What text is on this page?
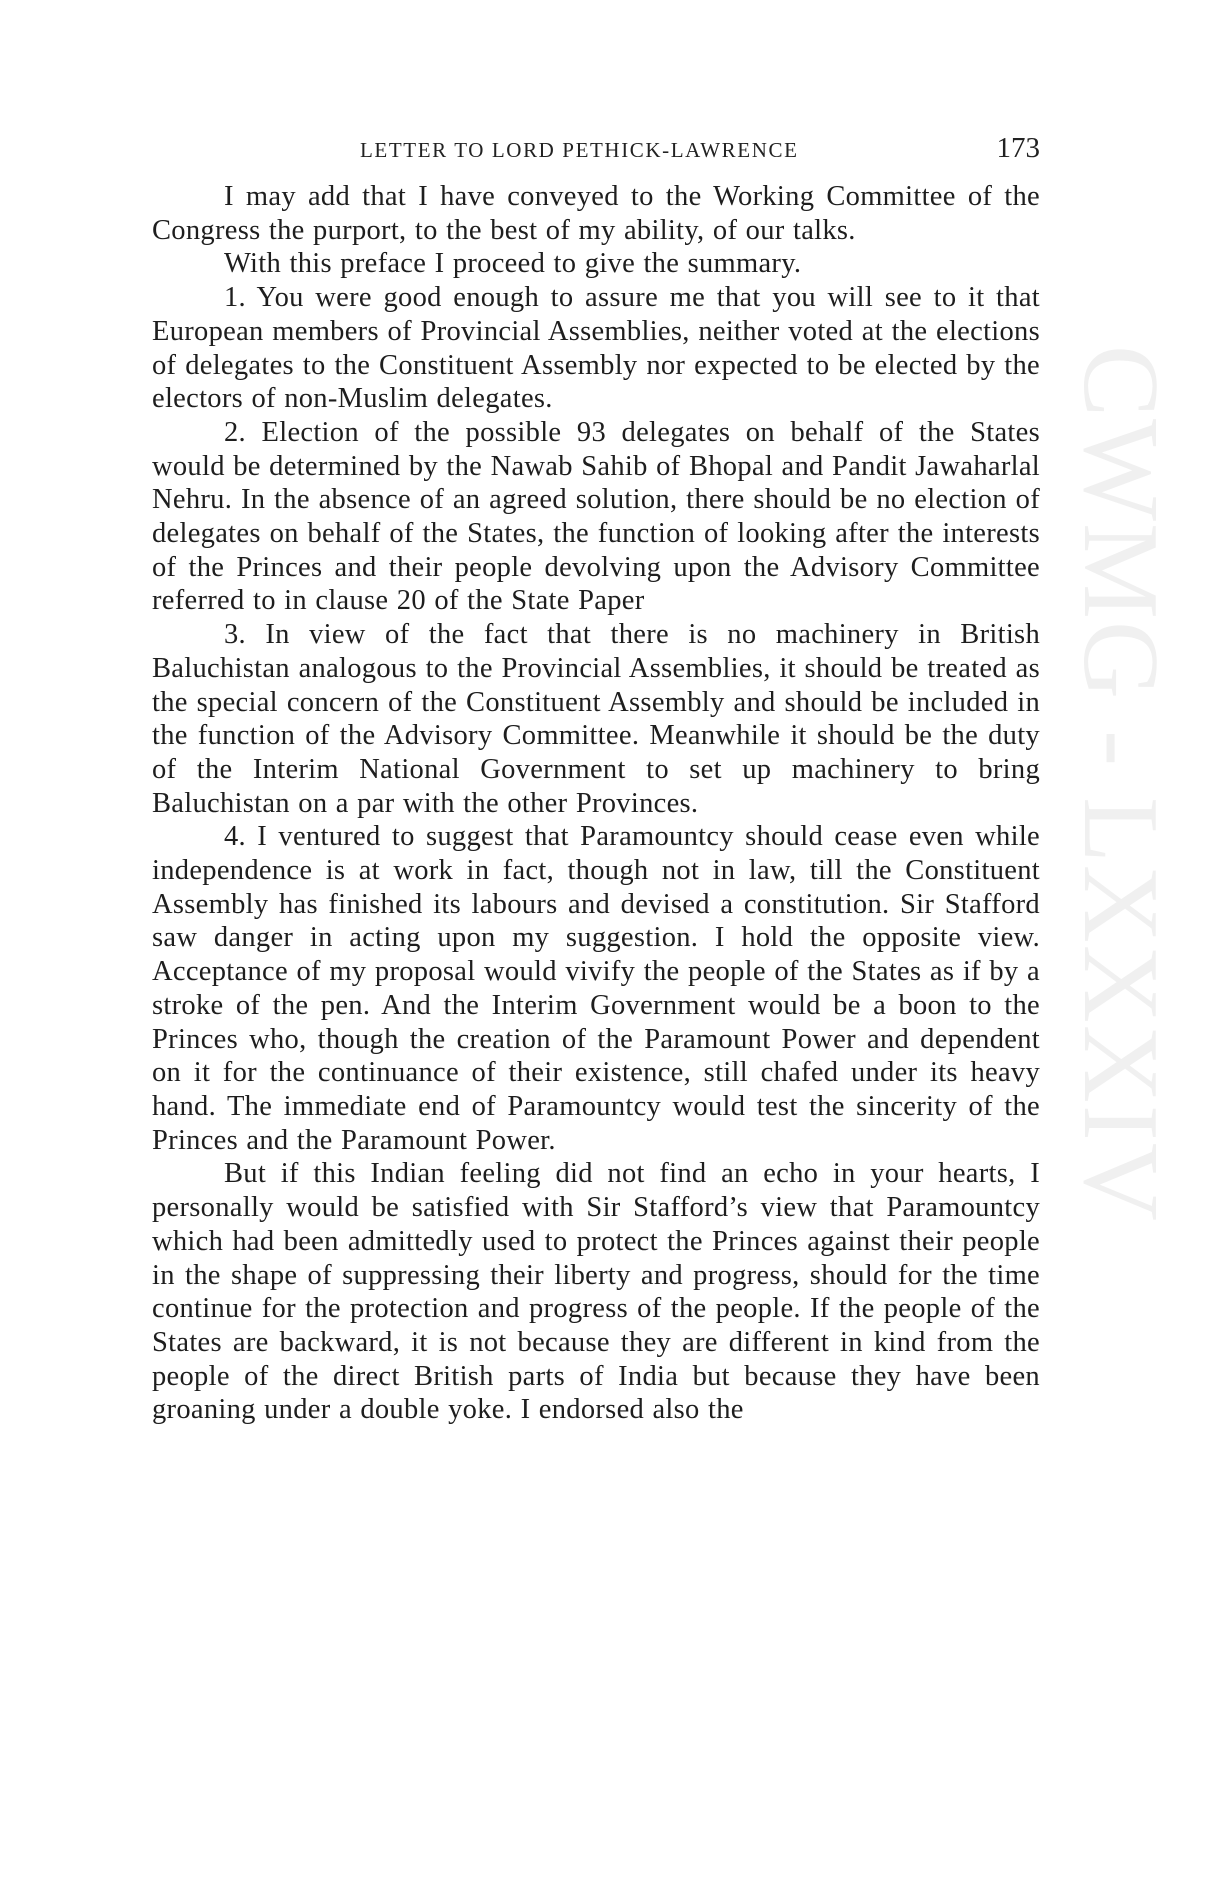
CWMG - LXXXIV
LETTER TO LORD PETHICK-LAWRENCE	173

I may add that I have conveyed to the Working Committee of the Congress the purport, to the best of my ability, of our talks.

With this preface I proceed to give the summary.

1. You were good enough to assure me that you will see to it that European members of Provincial Assemblies, neither voted at the elections of delegates to the Constituent Assembly nor expected to be elected by the electors of non-Muslim delegates.

2. Election of the possible 93 delegates on behalf of the States would be determined by the Nawab Sahib of Bhopal and Pandit Jawaharlal Nehru. In the absence of an agreed solution, there should be no election of delegates on behalf of the States, the function of looking after the interests of the Princes and their people devolving upon the Advisory Committee referred to in clause 20 of the State Paper

3. In view of the fact that there is no machinery in British Baluchistan analogous to the Provincial Assemblies, it should be treated as the special concern of the Constituent Assembly and should be included in the function of the Advisory Committee. Meanwhile it should be the duty of the Interim National Government to set up machinery to bring Baluchistan on a par with the other Provinces.

4. I ventured to suggest that Paramountcy should cease even while independence is at work in fact, though not in law, till the Constituent Assembly has finished its labours and devised a constitution. Sir Stafford saw danger in acting upon my suggestion. I hold the opposite view. Acceptance of my proposal would vivify the people of the States as if by a stroke of the pen. And the Interim Government would be a boon to the Princes who, though the creation of the Paramount Power and dependent on it for the continuance of their existence, still chafed under its heavy hand. The immediate end of Paramountcy would test the sincerity of the Princes and the Paramount Power.

But if this Indian feeling did not find an echo in your hearts, I personally would be satisfied with Sir Stafford’s view that Paramountcy which had been admittedly used to protect the Princes against their people in the shape of suppressing their liberty and progress, should for the time continue for the protection and progress of the people. If the people of the States are backward, it is not because they are different in kind from the people of the direct British parts of India but because they have been groaning under a double yoke. I endorsed also the
